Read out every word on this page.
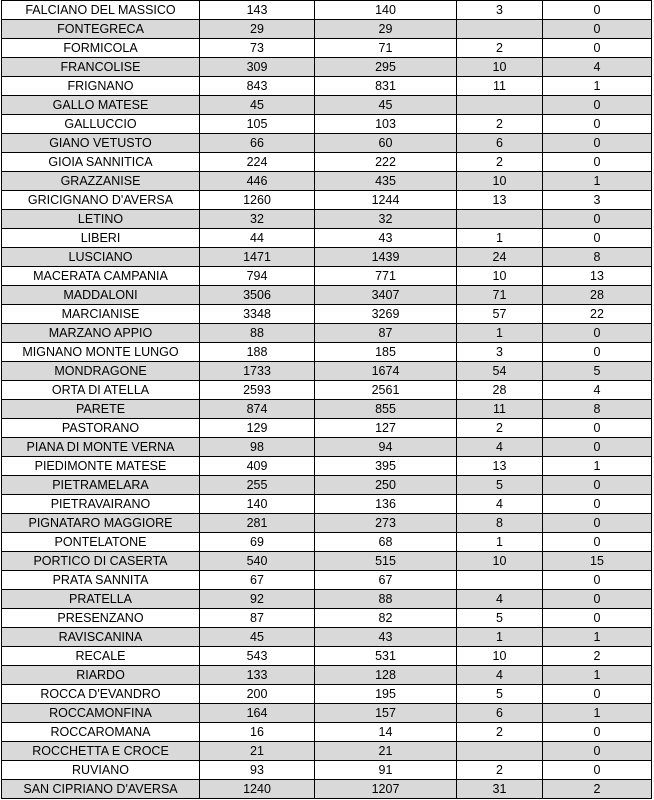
FALCIANO DEL MASSICO	143	140	3	0
FONTEGRECA	29	29		0
FORMICOLA	73	71	2	0
FRANCOLISE	309	295	10	4
FRIGNANO	843	831	11	1
GALLO MATESE	45	45		0
GALLUCCIO	105	103	2	0
GIANO VETUSTO	66	60	6	0
GIOIA SANNITICA	224	222	2	0
GRAZZANISE	446	435	10	1
GRICIGNANO D'AVERSA	1260	1244	13	3
LETINO	32	32		0
LIBERI	44	43	1	0
LUSCIANO	1471	1439	24	8
MACERATA CAMPANIA	794	771	10	13
MADDALONI	3506	3407	71	28
MARCIANISE	3348	3269	57	22
MARZANO APPIO	88	87	1	0
MIGNANO MONTE LUNGO	188	185	3	0
MONDRAGONE	1733	1674	54	5
ORTA DI ATELLA	2593	2561	28	4
PARETE	874	855	11	8
PASTORANO	129	127	2	0
PIANA DI MONTE VERNA	98	94	4	0
PIEDIMONTE MATESE	409	395	13	1
PIETRAMELARA	255	250	5	0
PIETRAVAIRANO	140	136	4	0
PIGNATARO MAGGIORE	281	273	8	0
PONTELATONE	69	68	1	0
PORTICO DI CASERTA	540	515	10	15
PRATA SANNITA	67	67		0
PRATELLA	92	88	4	0
PRESENZANO	87	82	5	0
RAVISCANINA	45	43	1	1
RECALE	543	531	10	2
RIARDO	133	128	4	1
ROCCA D'EVANDRO	200	195	5	0
ROCCAMONFINA	164	157	6	1
ROCCAROMANA	16	14	2	0
ROCCHETTA E CROCE	21	21		0
RUVIANO	93	91	2	0
SAN CIPRIANO D'AVERSA	1240	1207	31	2
